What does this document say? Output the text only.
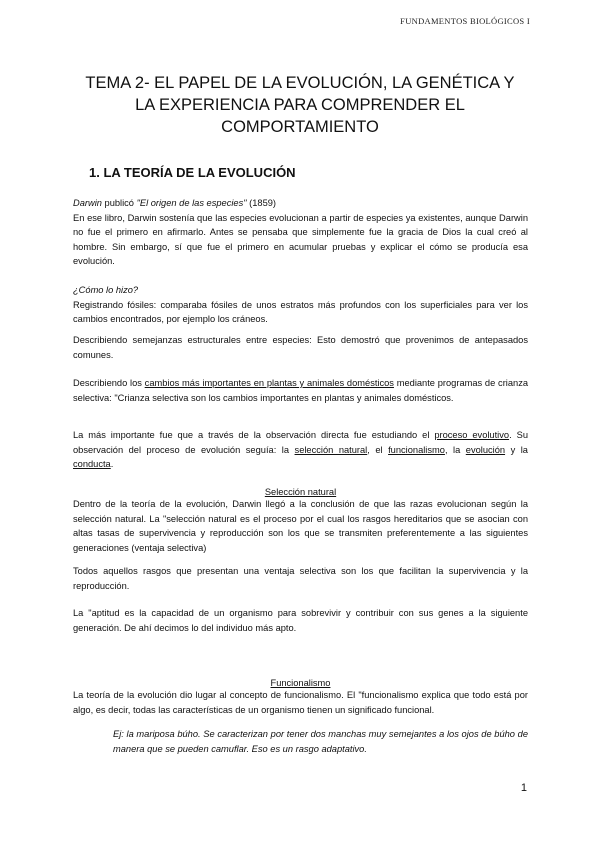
FUNDAMENTOS BIOLÓGICOS I
TEMA 2- EL PAPEL DE LA EVOLUCIÓN, LA GENÉTICA Y
LA EXPERIENCIA PARA COMPRENDER EL
COMPORTAMIENTO
1. LA TEORÍA DE LA EVOLUCIÓN

Darwin publicó "El origen de las especies" (1859)

En ese libro, Darwin sostenía que las especies evolucionan a partir de especies ya existentes, aunque Darwin no fue el primero en afirmarlo. Antes se pensaba que simplemente fue la gracia de Dios la cual creó al hombre. Sin embargo, sí que fue el primero en acumular pruebas y explicar el cómo se producía esa evolución.

¿Cómo lo hizo?

Registrando fósiles: comparaba fósiles de unos estratos más profundos con los superficiales para ver los cambios encontrados, por ejemplo los cráneos.

Describiendo semejanzas estructurales entre especies: Esto demostró que provenimos de antepasados comunes.
Describiendo los cambios más importantes en plantas y animales domésticos mediante programas de crianza selectiva: "Crianza selectiva son los cambios importantes en plantas y animales domésticos.
La más importante fue que a través de la observación directa fue estudiando el proceso evolutivo. Su observación del proceso de evolución seguía: la selección natural, el funcionalismo, la evolución y la conducta.
Selección natural
Dentro de la teoría de la evolución, Darwin llegó a la conclusión de que las razas evolucionan según la selección natural. La "selección natural es el proceso por el cual los rasgos hereditarios que se asocian con altas tasas de supervivencia y reproducción son los que se transmiten preferentemente a las siguientes generaciones (ventaja selectiva)
Todos aquellos rasgos que presentan una ventaja selectiva son los que facilitan la supervivencia y la reproducción.
La "aptitud es la capacidad de un organismo para sobrevivir y contribuir con sus genes a la siguiente generación. De ahí decimos lo del individuo más apto.
Funcionalismo
La teoría de la evolución dio lugar al concepto de funcionalismo. El "funcionalismo explica que todo está por algo, es decir, todas las características de un organismo tienen un significado funcional.
Ej: la mariposa búho. Se caracterizan por tener dos manchas muy semejantes a los ojos de búho de manera que se pueden camuflar. Eso es un rasgo adaptativo.
1
